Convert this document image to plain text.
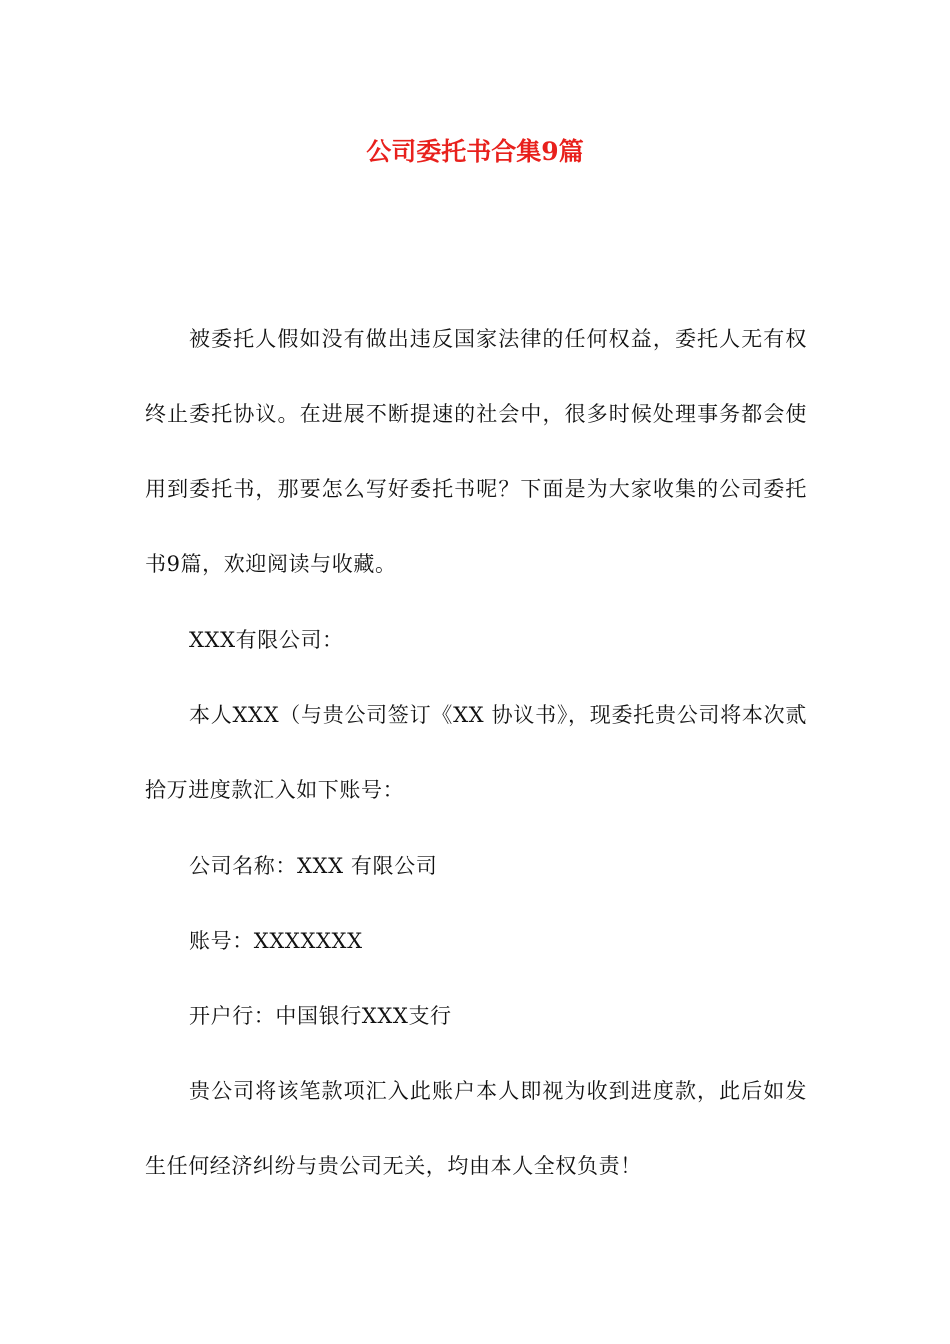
公司委托书合集9篇

被委托人假如没有做出违反国家法律的任何权益，委托人无有权终止委托协议。在进展不断提速的社会中，很多时候处理事务都会使用到委托书，那要怎么写好委托书呢？下面是为大家收集的公司委托书9篇，欢迎阅读与收藏。

XXX有限公司：

本人XXX（与贵公司签订《XX 协议书》，现委托贵公司将本次贰拾万进度款汇入如下账号：

公司名称：XXX 有限公司

账号：XXXXXXX

开户行：中国银行XXX支行

贵公司将该笔款项汇入此账户本人即视为收到进度款，此后如发生任何经济纠纷与贵公司无关，均由本人全权负责！
